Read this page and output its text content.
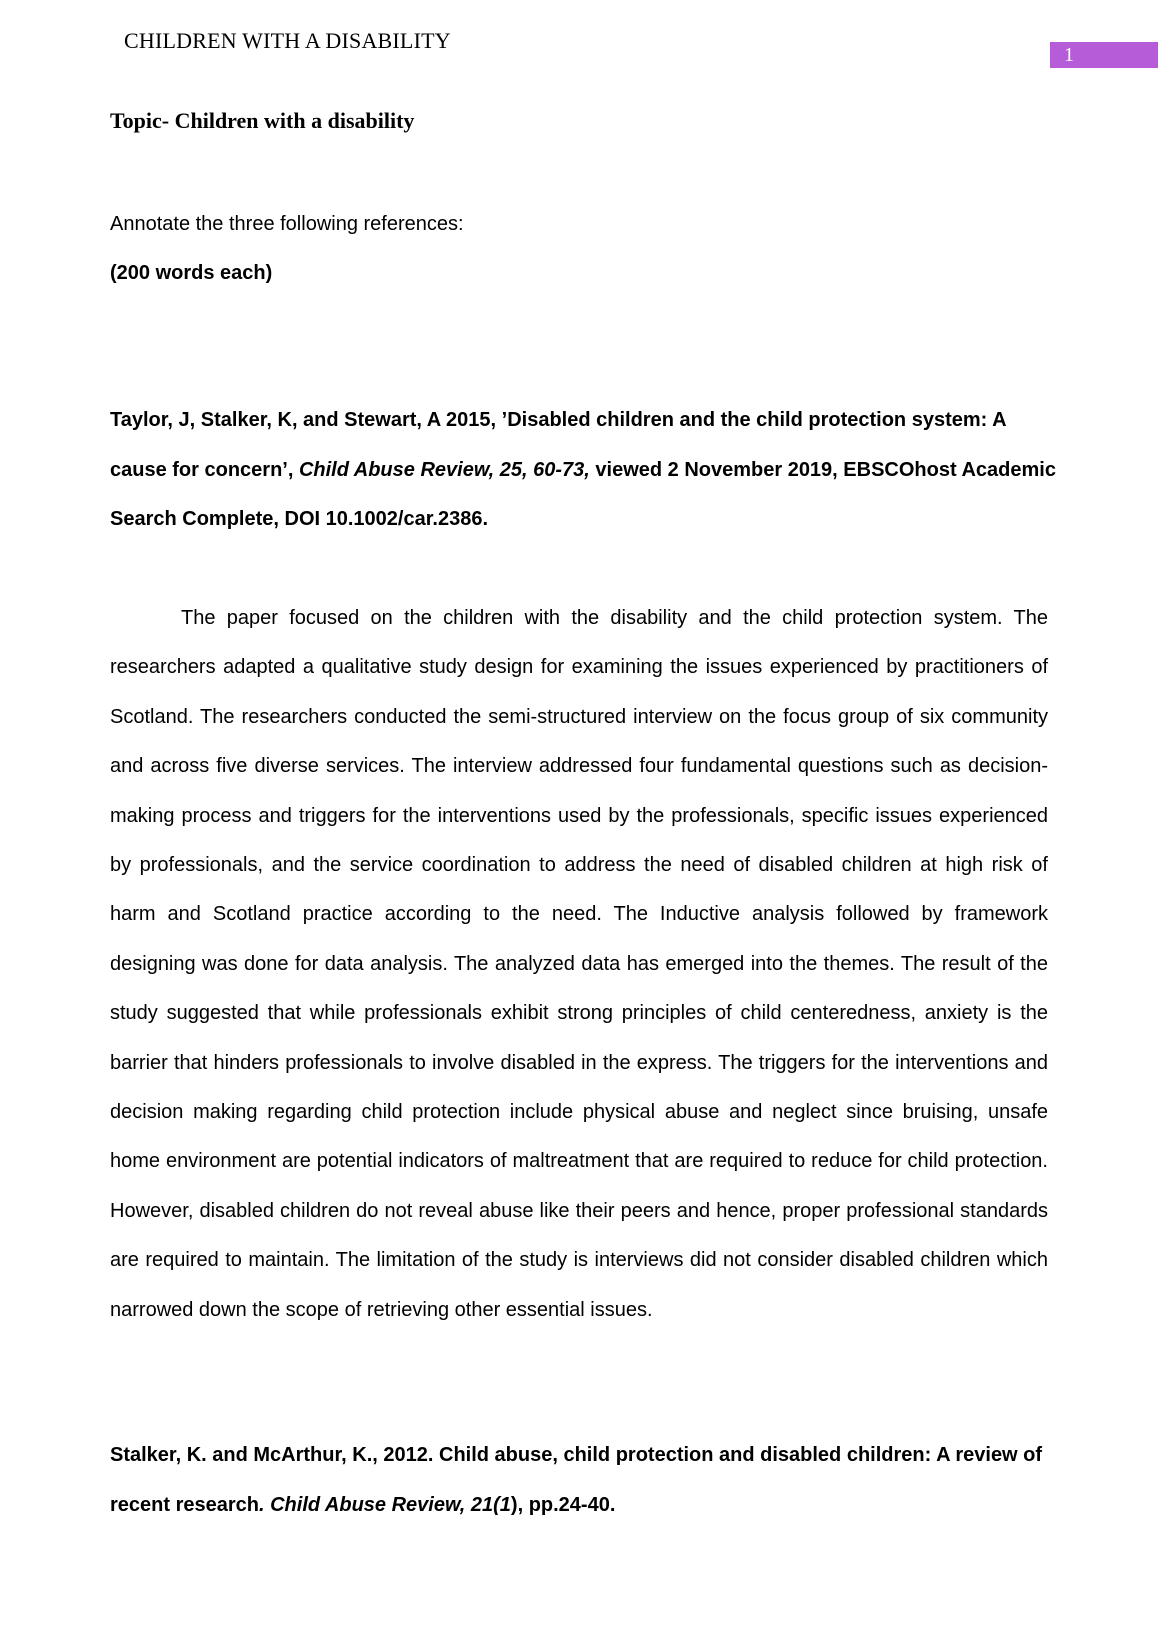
CHILDREN WITH A DISABILITY
1
Topic- Children with a disability
Annotate the three following references:
(200 words each)
Taylor, J, Stalker, K, and Stewart, A 2015, ’Disabled children and the child protection system: A cause for concern’, Child Abuse Review, 25, 60-73, viewed 2 November 2019, EBSCOhost Academic Search Complete, DOI 10.1002/car.2386.

The paper focused on the children with the disability and the child protection system. The researchers adapted a qualitative study design for examining the issues experienced by practitioners of Scotland. The researchers conducted the semi-structured interview on the focus group of six community and across five diverse services. The interview addressed four fundamental questions such as decision-making process and triggers for the interventions used by the professionals, specific issues experienced by professionals, and the service coordination to address the need of disabled children at high risk of harm and Scotland practice according to the need. The Inductive analysis followed by framework designing was done for data analysis. The analyzed data has emerged into the themes. The result of the study suggested that while professionals exhibit strong principles of child centeredness, anxiety is the barrier that hinders professionals to involve disabled in the express. The triggers for the interventions and decision making regarding child protection include physical abuse and neglect since bruising, unsafe home environment are potential indicators of maltreatment that are required to reduce for child protection. However, disabled children do not reveal abuse like their peers and hence, proper professional standards are required to maintain. The limitation of the study is interviews did not consider disabled children which narrowed down the scope of retrieving other essential issues.

Stalker, K. and McArthur, K., 2012. Child abuse, child protection and disabled children: A review of recent research. Child Abuse Review, 21(1), pp.24-40.
